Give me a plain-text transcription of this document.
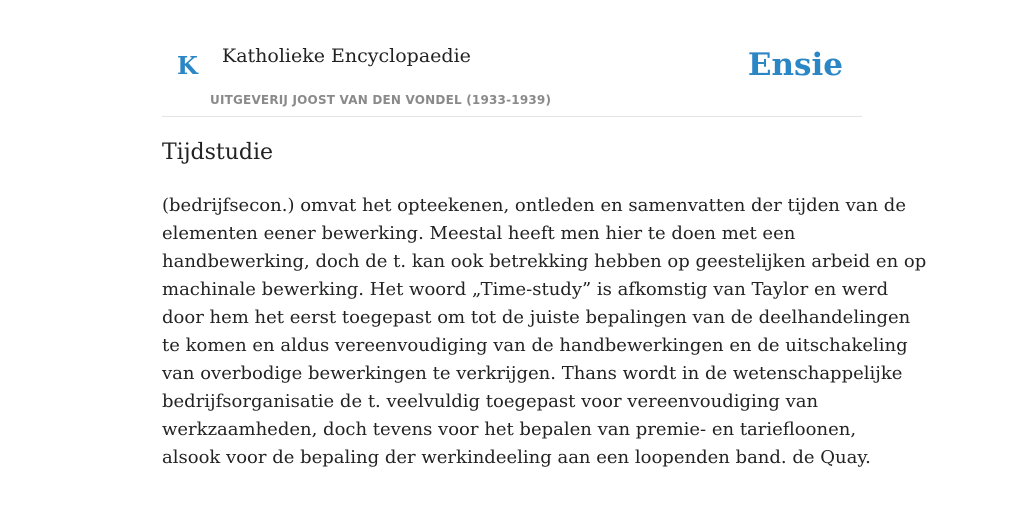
K Katholieke Encyclopaedie
UITGEVERIJ JOOST VAN DEN VONDEL (1933-1939)
Ensie
Tijdstudie

(bedrijfsecon.) omvat het opteekenen, ontleden en samenvatten der tijden van de
elementen eener bewerking. Meestal heeft men hier te doen met een
handbewerking, doch de t. kan ook betrekking hebben op geestelijken arbeid en op
machinale bewerking. Het woord „Time-study” is afkomstig van Taylor en werd
door hem het eerst toegepast om tot de juiste bepalingen van de deelhandelingen
te komen en aldus vereenvoudiging van de handbewerkingen en de uitschakeling
van overbodige bewerkingen te verkrijgen. Thans wordt in de wetenschappelijke
bedrijfsorganisatie de t. veelvuldig toegepast voor vereenvoudiging van
werkzaamheden, doch tevens voor het bepalen van premie- en tariefloonen,
alsook voor de bepaling der werkindeeling aan een loopenden band. de Quay.
